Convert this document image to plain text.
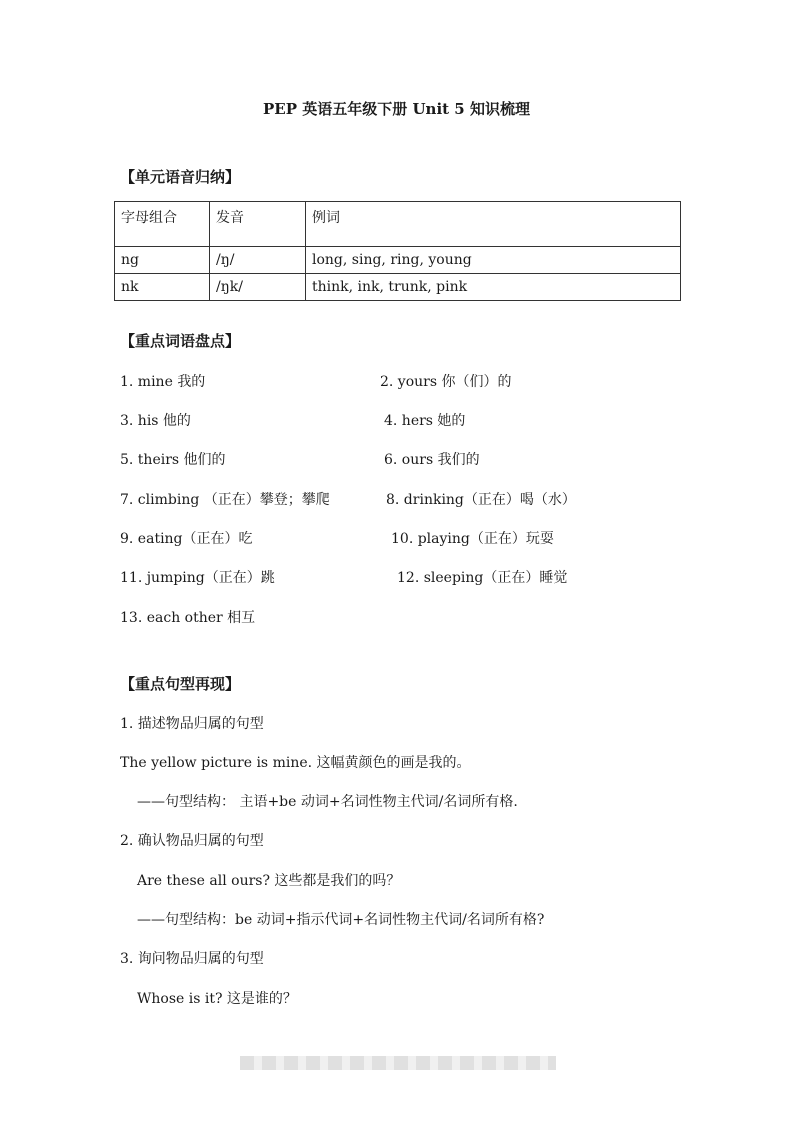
PEP 英语五年级下册 Unit 5 知识梳理
【单元语音归纳】
字母组合	发音	例词
ng	/ŋ/	long, sing, ring, young
nk	/ŋk/	think, ink, trunk, pink
【重点词语盘点】
1. mine 我的	2. yours 你（们）的
3. his 他的	4. hers 她的
5. theirs 他们的	6. ours 我们的
7. climbing （正在）攀登；攀爬	8. drinking（正在）喝（水）
9. eating（正在）吃	10. playing（正在）玩耍
11. jumping（正在）跳	12. sleeping（正在）睡觉
13. each other 相互
【重点句型再现】
1. 描述物品归属的句型
The yellow picture is mine. 这幅黄颜色的画是我的。
——句型结构： 主语+be 动词+名词性物主代词/名词所有格.
2. 确认物品归属的句型
Are these all ours? 这些都是我们的吗？
——句型结构：be 动词+指示代词+名词性物主代词/名词所有格?
3. 询问物品归属的句型
Whose is it? 这是谁的？
